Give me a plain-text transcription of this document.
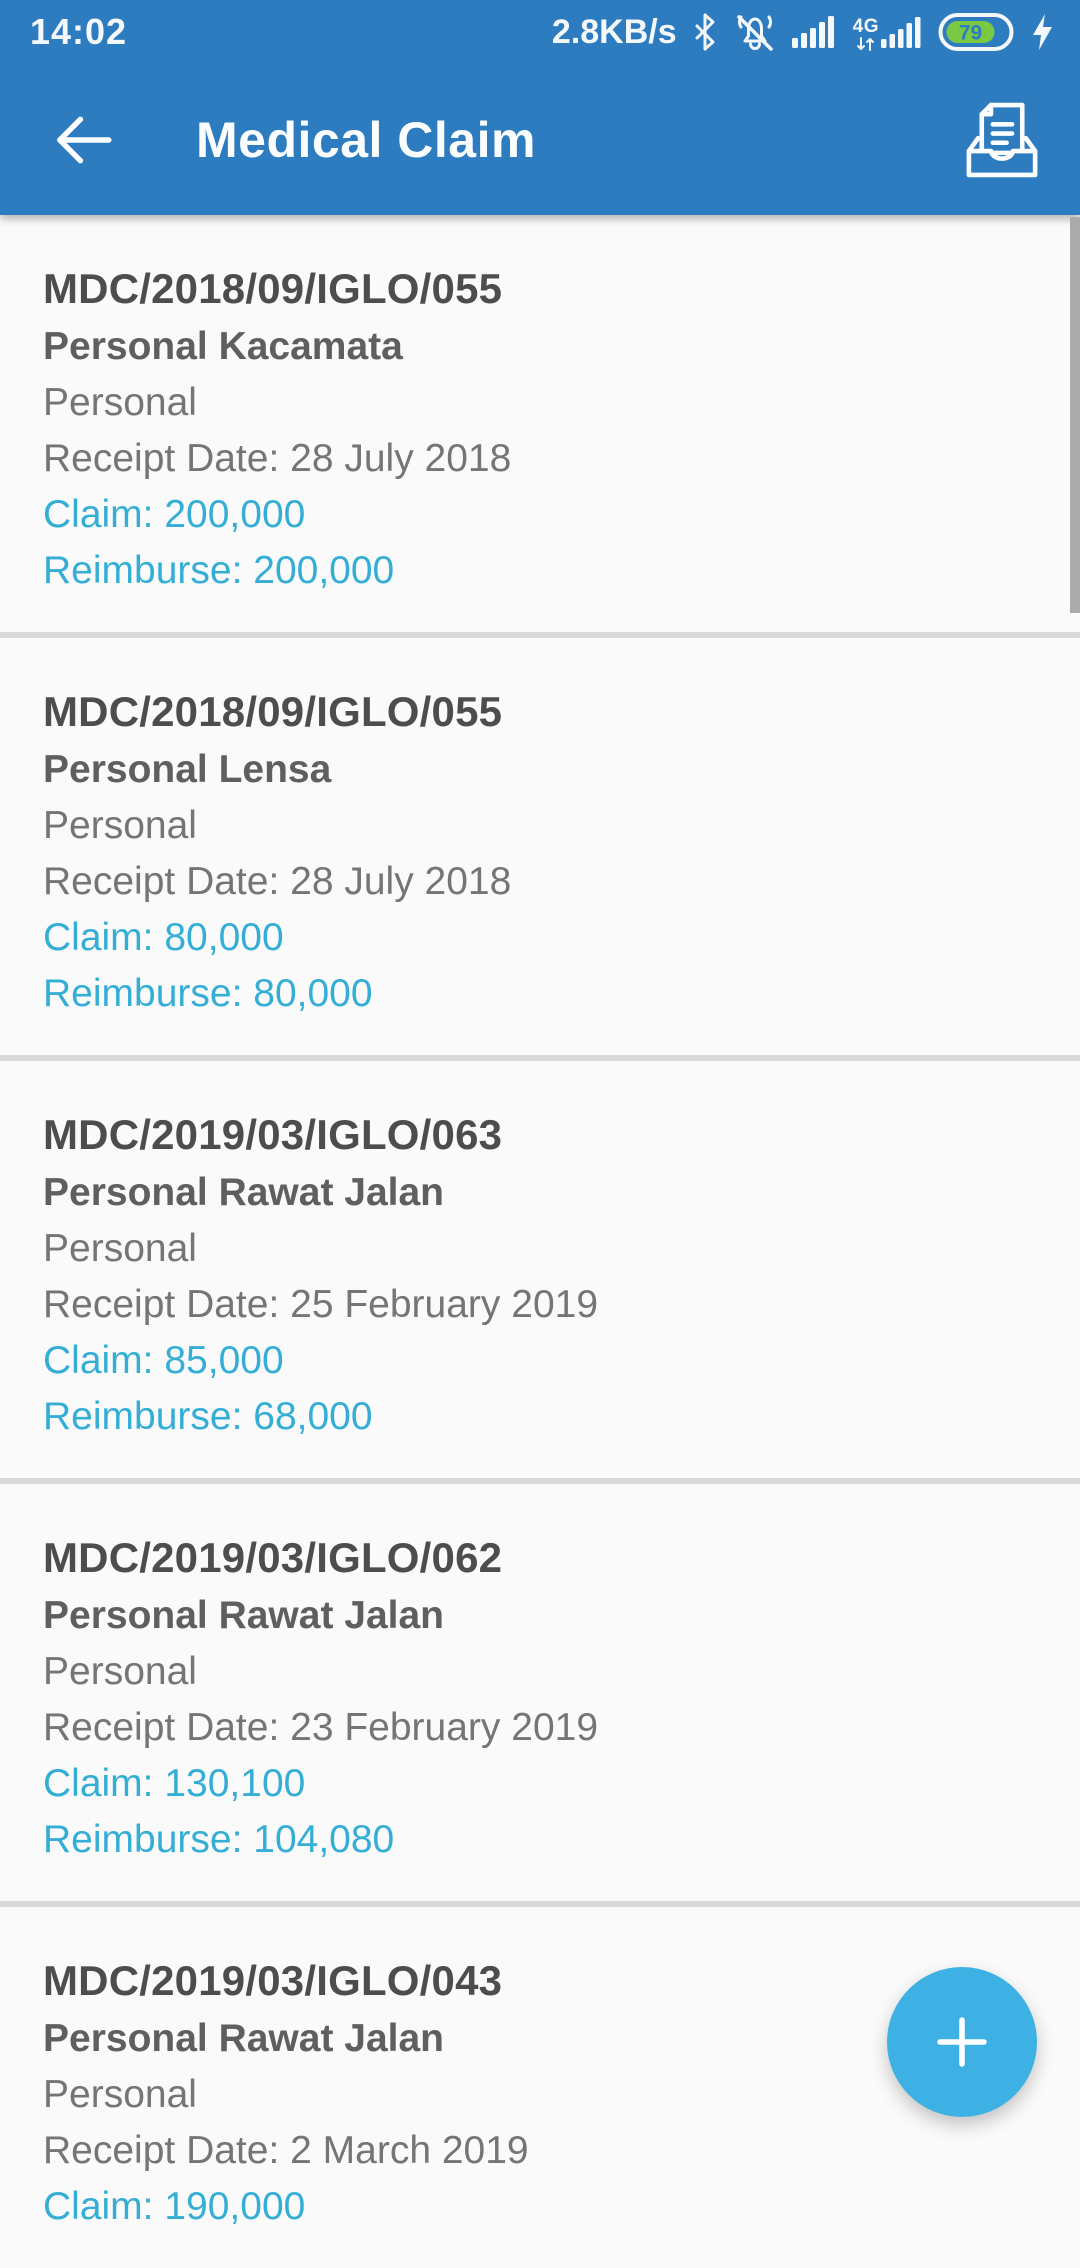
14:02	2.8KB/s	4G	79
Medical Claim

MDC/2018/09/IGLO/055

Personal Kacamata

Personal

Receipt Date: 28 July 2018

Claim: 200,000

Reimburse: 200,000

MDC/2018/09/IGLO/055

Personal Lensa

Personal

Receipt Date: 28 July 2018

Claim: 80,000

Reimburse: 80,000

MDC/2019/03/IGLO/063

Personal Rawat Jalan

Personal

Receipt Date: 25 February 2019

Claim: 85,000

Reimburse: 68,000

MDC/2019/03/IGLO/062

Personal Rawat Jalan

Personal

Receipt Date: 23 February 2019

Claim: 130,100

Reimburse: 104,080

MDC/2019/03/IGLO/043

Personal Rawat Jalan

Personal

Receipt Date: 2 March 2019

Claim: 190,000
